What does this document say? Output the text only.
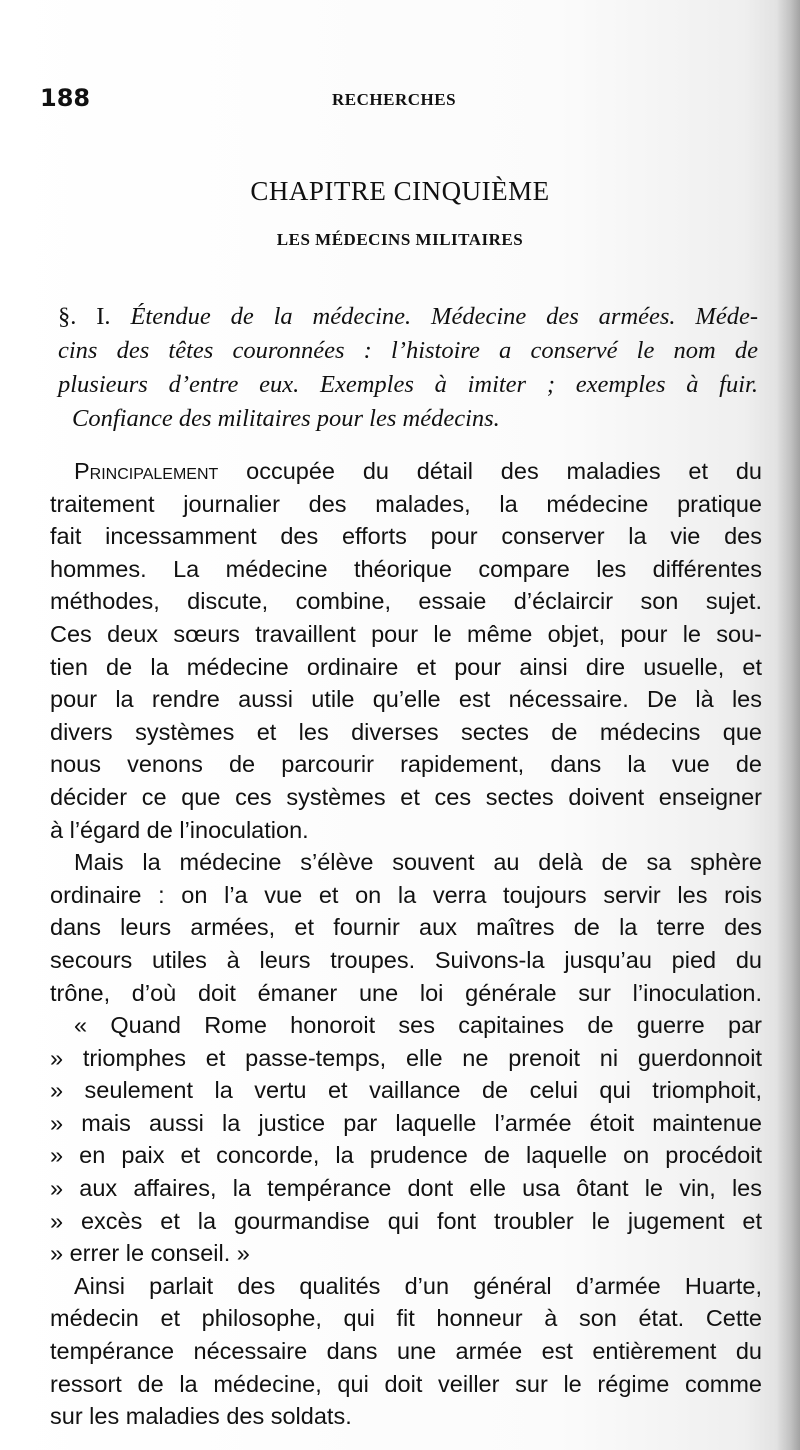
188	RECHERCHES
CHAPITRE CINQUIÈME
LES MÉDECINS MILITAIRES
§. I. Étendue de la médecine. Médecine des armées. Méde-
cins des têtes couronnées : l’histoire a conservé le nom de
plusieurs d’entre eux. Exemples à imiter ; exemples à fuir.
Confiance des militaires pour les médecins.
Principalement occupée du détail des maladies et du
traitement journalier des malades, la médecine pratique
fait incessamment des efforts pour conserver la vie des
hommes. La médecine théorique compare les différentes
méthodes, discute, combine, essaie d’éclaircir son sujet.
Ces deux sœurs travaillent pour le même objet, pour le sou-
tien de la médecine ordinaire et pour ainsi dire usuelle, et
pour la rendre aussi utile qu’elle est nécessaire. De là les
divers systèmes et les diverses sectes de médecins que
nous venons de parcourir rapidement, dans la vue de
décider ce que ces systèmes et ces sectes doivent enseigner
à l’égard de l’inoculation.
Mais la médecine s’élève souvent au delà de sa sphère
ordinaire : on l’a vue et on la verra toujours servir les rois
dans leurs armées, et fournir aux maîtres de la terre des
secours utiles à leurs troupes. Suivons-la jusqu’au pied du
trône, d’où doit émaner une loi générale sur l’inoculation.
« Quand Rome honoroit ses capitaines de guerre par
» triomphes et passe-temps, elle ne prenoit ni guerdonnoit
» seulement la vertu et vaillance de celui qui triomphoit,
» mais aussi la justice par laquelle l’armée étoit maintenue
» en paix et concorde, la prudence de laquelle on procédoit
» aux affaires, la tempérance dont elle usa ôtant le vin, les
» excès et la gourmandise qui font troubler le jugement et
» errer le conseil. »
Ainsi parlait des qualités d’un général d’armée Huarte,
médecin et philosophe, qui fit honneur à son état. Cette
tempérance nécessaire dans une armée est entièrement du
ressort de la médecine, qui doit veiller sur le régime comme
sur les maladies des soldats.
